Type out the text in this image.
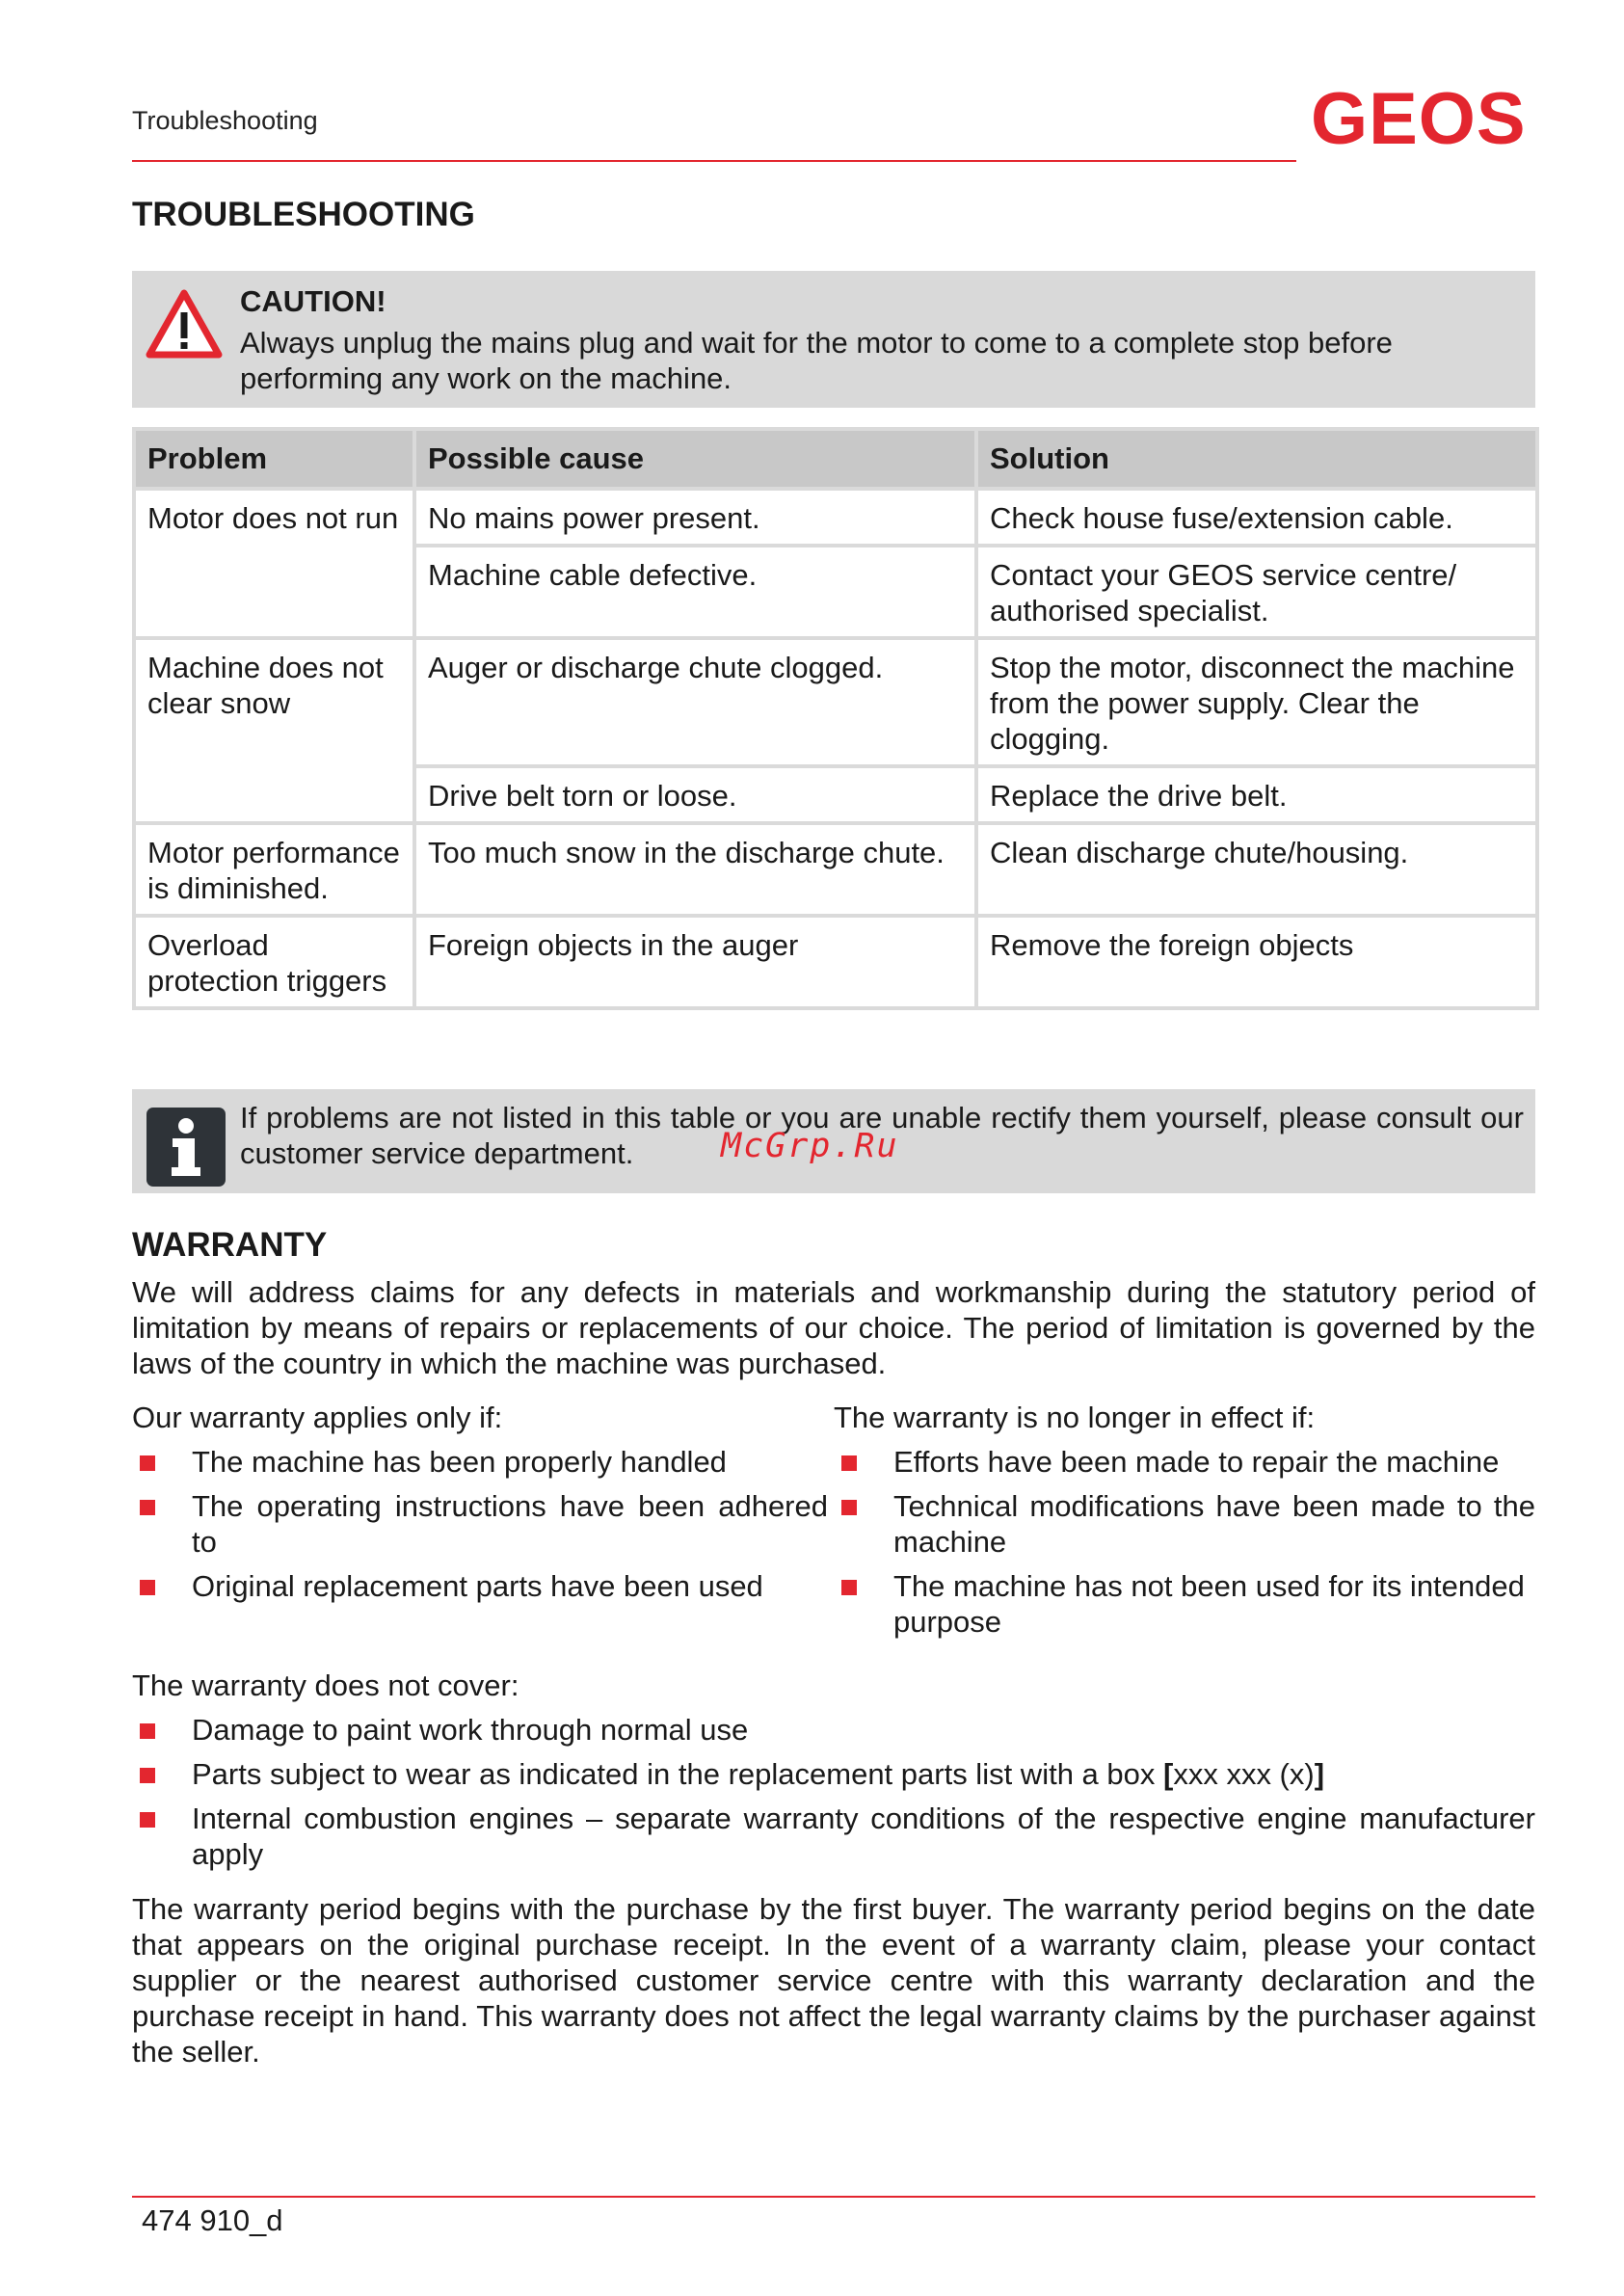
Troubleshooting	GEOS
TROUBLESHOOTING
CAUTION!
Always unplug the mains plug and wait for the motor to come to a complete stop before performing any work on the machine.
Problem	Possible cause	Solution
Motor does not run	No mains power present.	Check house fuse/extension cable.
	Machine cable defective.	Contact your GEOS service centre/ authorised specialist.
Machine does not clear snow	Auger or discharge chute clogged.	Stop the motor, disconnect the machine from the power supply. Clear the clogging.
	Drive belt torn or loose.	Replace the drive belt.
Motor performance is diminished.	Too much snow in the discharge chute.	Clean discharge chute/housing.
Overload protection triggers	Foreign objects in the auger	Remove the foreign objects
If problems are not listed in this table or you are unable rectify them yourself, please consult our customer service department.	McGrp.Ru
WARRANTY
We will address claims for any defects in materials and workmanship during the statutory period of limitation by means of repairs or replacements of our choice. The period of limitation is governed by the laws of the country in which the machine was purchased.
Our warranty applies only if:
The machine has been properly handled
The operating instructions have been adhered to
Original replacement parts have been used
The warranty is no longer in effect if:
Efforts have been made to repair the machine
Technical modifications have been made to the machine
The machine has not been used for its intended purpose
The warranty does not cover:
Damage to paint work through normal use
Parts subject to wear as indicated in the replacement parts list with a box [xxx xxx (x)]
Internal combustion engines – separate warranty conditions of the respective engine manufacturer apply
The warranty period begins with the purchase by the first buyer. The warranty period begins on the date that appears on the original purchase receipt. In the event of a warranty claim, please your contact supplier or the nearest authorised customer service centre with this warranty declaration and the purchase receipt in hand. This warranty does not affect the legal warranty claims by the purchaser against the seller.
474 910_d
